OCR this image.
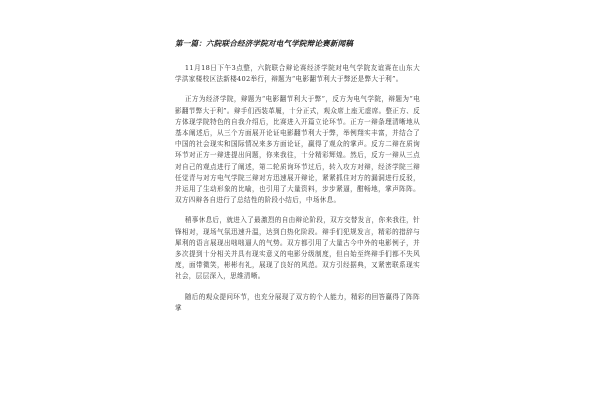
第一篇：六院联合经济学院对电气学院辩论赛新闻稿

11月18日下午3点整，六院联合辩论赛经济学院对电气学院友谊赛在山东大学洪家楼校区法新楼402举行，辩题为“电影翻节利大于弊还是弊大于利”。

正方为经济学院，辩题为“电影翻节利大于弊”，反方为电气学院，辩题为“电影翻节弊大于利”。辩手们西装革履，十分正式，观众席上座无虚席。整正方、反方体现学院特色的自我介绍后，比赛进入开篇立论环节。正方一辩条理清晰地从基本阐述后，从三个方面展开论证电影翻节利大于弊，举例翔实丰富，并结合了中国的社会现实和国际情况来多方面论证，赢得了观众的掌声。反方二辩在质询环节对正方一辩进提出问题，你来我往，十分精彩辉煌。然后，反方一辩从三点对自己的观点进行了阐述，第二轮质询环节过后，转入攻方对辩，经济学院三辩任觉青与对方电气学院三辩对方迅速展开辩论，紧紧抓住对方的漏洞进行反驳，并运用了生动形象的比喻，也引用了大量资料，步步紧逼，酣畅地，掌声阵阵。双方四辩各自进行了总结性的阶段小结后，中场休息。

稍事休息后，就进入了最激烈的自由辩论阶段，双方交替发言，你来我往，针锋相对，现场气氛迅速升温，达到白热化阶段。辩手们犯规发言，精彩的措辞与犀利的语言展现出咄咄逼人的气势。双方都引用了大量古今中外的电影例子，并多次提到十分相关并具有现实意义的电影分级制度，但自始至终辩手们都不失风度，面带微笑，彬彬有礼，展现了良好的风范。双方引经据典，又紧密联系现实社会，层层深入，思维清晰。

随后的观众提问环节，也充分展现了双方的个人能力，精彩的回答赢得了阵阵掌
